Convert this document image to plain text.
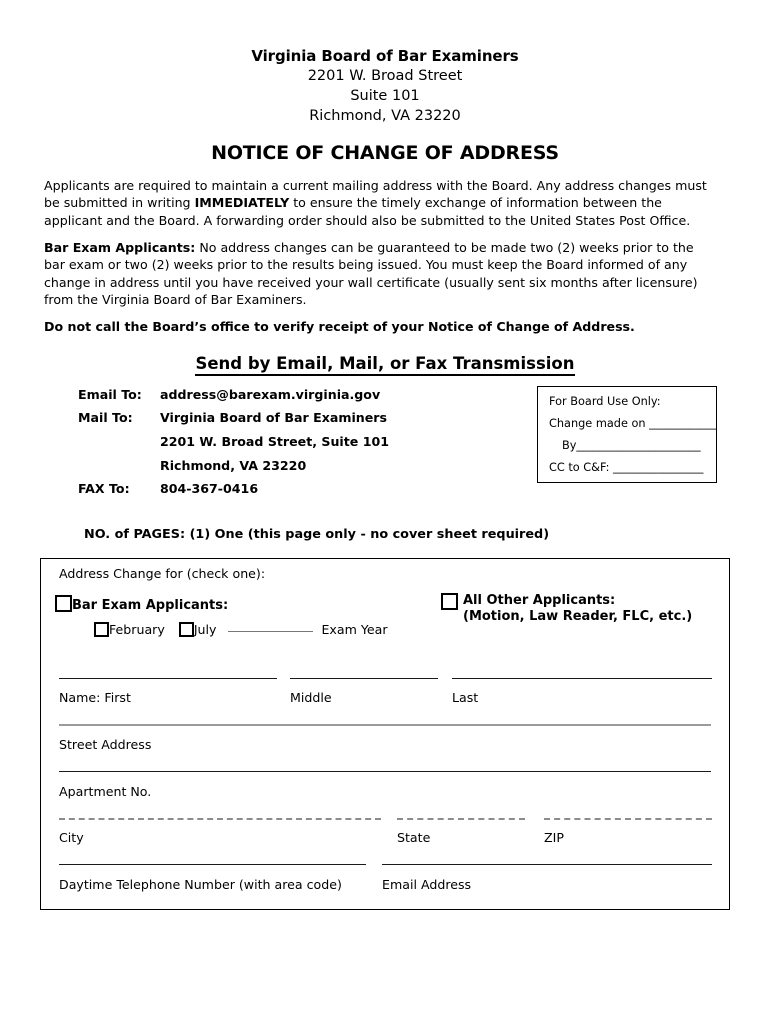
Virginia Board of Bar Examiners
2201 W. Broad Street
Suite 101
Richmond, VA 23220
NOTICE OF CHANGE OF ADDRESS
Applicants are required to maintain a current mailing address with the Board. Any address changes must be submitted in writing IMMEDIATELY to ensure the timely exchange of information between the applicant and the Board. A forwarding order should also be submitted to the United States Post Office.
Bar Exam Applicants: No address changes can be guaranteed to be made two (2) weeks prior to the bar exam or two (2) weeks prior to the results being issued. You must keep the Board informed of any change in address until you have received your wall certificate (usually sent six months after licensure) from the Virginia Board of Bar Examiners.
Do not call the Board’s office to verify receipt of your Notice of Change of Address.
Send by Email, Mail, or Fax Transmission
Email To:	address@barexam.virginia.gov
Mail To:	Virginia Board of Bar Examiners
2201 W. Broad Street, Suite 101
Richmond, VA 23220
FAX To:	804-367-0416
For Board Use Only:
Change made on ____________
By______________________
CC to C&F: ________________
NO. of PAGES: (1) One (this page only - no cover sheet required)
Address Change for (check one):
Bar Exam Applicants:	All Other Applicants:
(Motion, Law Reader, FLC, etc.)
February July	Exam Year
Name: First	Middle	Last
Street Address
Apartment No.
City	State	ZIP
Daytime Telephone Number (with area code)	Email Address
